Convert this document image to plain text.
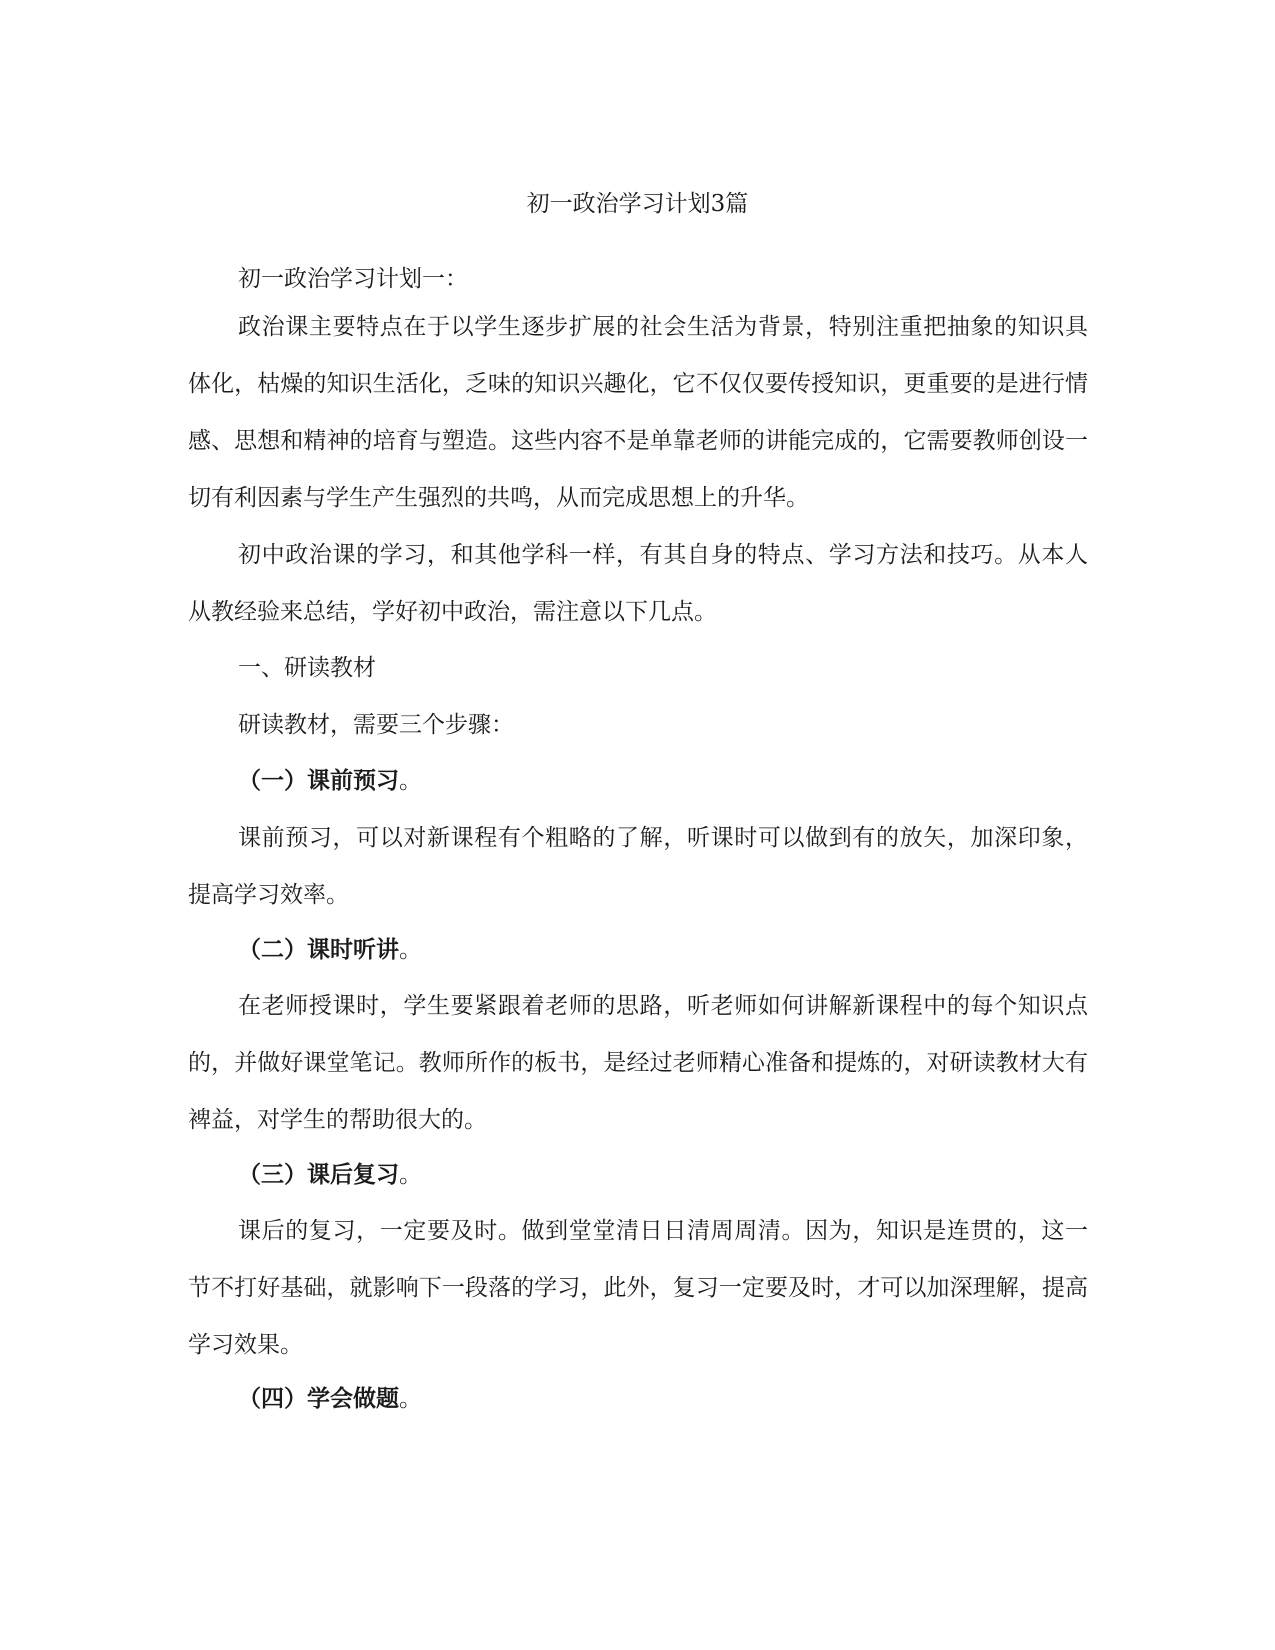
初一政治学习计划3篇

初一政治学习计划一：

政治课主要特点在于以学生逐步扩展的社会生活为背景，特别注重把抽象的知识具体化，枯燥的知识生活化，乏味的知识兴趣化，它不仅仅要传授知识，更重要的是进行情感、思想和精神的培育与塑造。这些内容不是单靠老师的讲能完成的，它需要教师创设一切有利因素与学生产生强烈的共鸣，从而完成思想上的升华。

初中政治课的学习，和其他学科一样，有其自身的特点、学习方法和技巧。从本人从教经验来总结，学好初中政治，需注意以下几点。

一、研读教材

研读教材，需要三个步骤：

（一）课前预习。

课前预习，可以对新课程有个粗略的了解，听课时可以做到有的放矢，加深印象，提高学习效率。

（二）课时听讲。

在老师授课时，学生要紧跟着老师的思路，听老师如何讲解新课程中的每个知识点的，并做好课堂笔记。教师所作的板书，是经过老师精心准备和提炼的，对研读教材大有裨益，对学生的帮助很大的。

（三）课后复习。

课后的复习，一定要及时。做到堂堂清日日清周周清。因为，知识是连贯的，这一节不打好基础，就影响下一段落的学习，此外，复习一定要及时，才可以加深理解，提高学习效果。

（四）学会做题。
